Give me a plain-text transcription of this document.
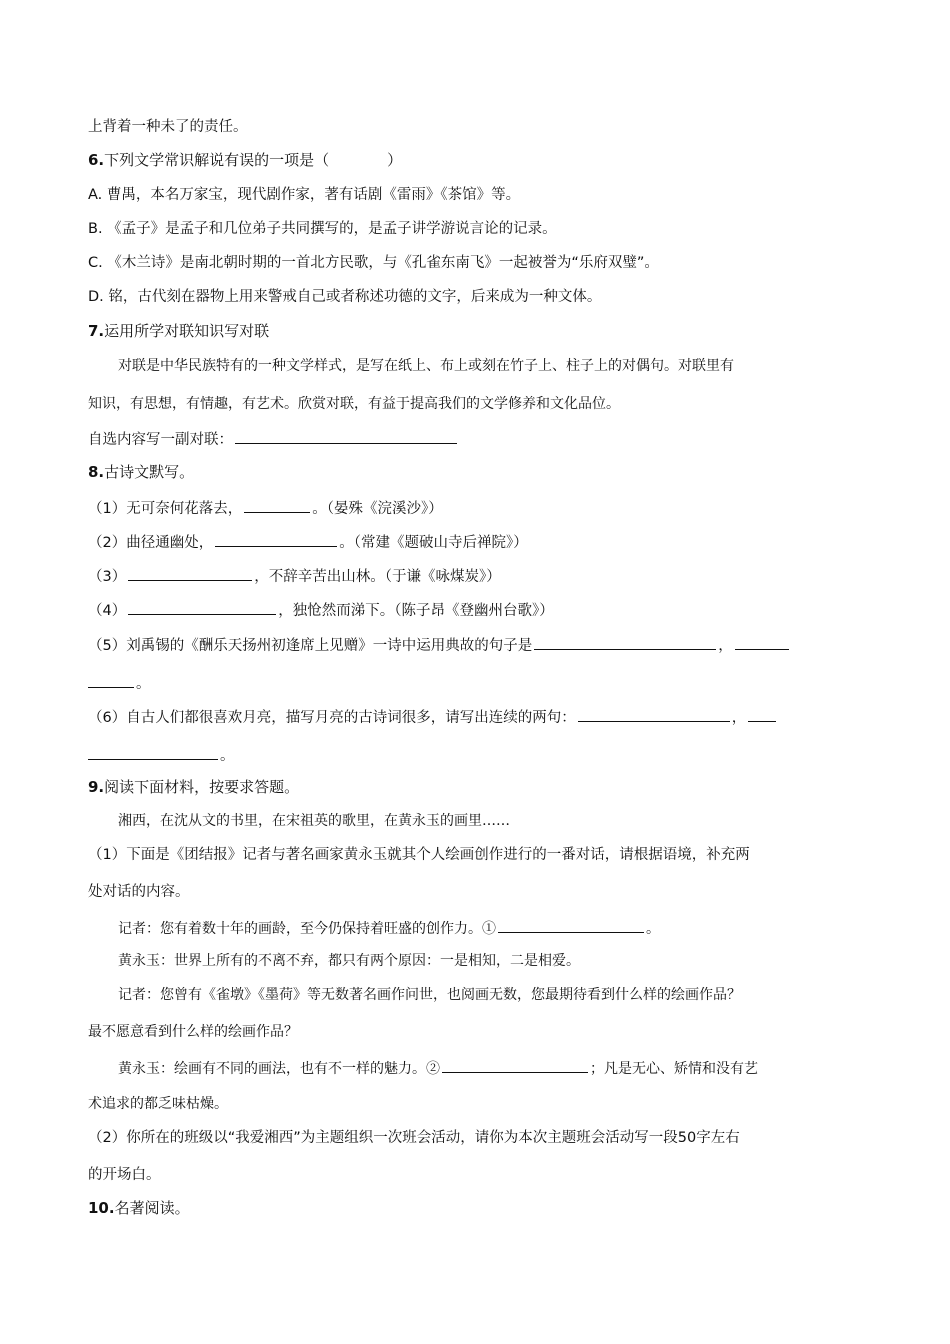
上背着一种未了的责任。
6.下列文学常识解说有误的一项是（	）
A. 曹禺，本名万家宝，现代剧作家，著有话剧《雷雨》《茶馆》等。
B. 《孟子》是孟子和几位弟子共同撰写的，是孟子讲学游说言论的记录。
C. 《木兰诗》是南北朝时期的一首北方民歌，与《孔雀东南飞》一起被誉为“乐府双璧”。
D. 铭，古代刻在器物上用来警戒自己或者称述功德的文字，后来成为一种文体。
7.运用所学对联知识写对联
对联是中华民族特有的一种文学样式，是写在纸上、布上或刻在竹子上、柱子上的对偶句。对联里有
知识，有思想，有情趣，有艺术。欣赏对联，有益于提高我们的文学修养和文化品位。
自选内容写一副对联：
8.古诗文默写。
（1）无可奈何花落去，	。（晏殊《浣溪沙》）
（2）曲径通幽处，	。（常建《题破山寺后禅院》）
（3）	，不辞辛苦出山林。（于谦《咏煤炭》）
（4）	，独怆然而涕下。（陈子昂《登幽州台歌》）
（5）刘禹锡的《酬乐天扬州初逢席上见赠》一诗中运用典故的句子是	，
。
（6）自古人们都很喜欢月亮，描写月亮的古诗词很多，请写出连续的两句：	，
。
9.阅读下面材料，按要求答题。
湘西，在沈从文的书里，在宋祖英的歌里，在黄永玉的画里……
（1）下面是《团结报》记者与著名画家黄永玉就其个人绘画创作进行的一番对话，请根据语境，补充两
处对话的内容。
记者：您有着数十年的画龄，至今仍保持着旺盛的创作力。①	。
黄永玉：世界上所有的不离不弃，都只有两个原因：一是相知，二是相爱。
记者：您曾有《雀墩》《墨荷》等无数著名画作问世，也阅画无数，您最期待看到什么样的绘画作品？
最不愿意看到什么样的绘画作品？
黄永玉：绘画有不同的画法，也有不一样的魅力。②	；凡是无心、矫情和没有艺
术追求的都乏味枯燥。
（2）你所在的班级以“我爱湘西”为主题组织一次班会活动，请你为本次主题班会活动写一段50字左右
的开场白。
10.名著阅读。
